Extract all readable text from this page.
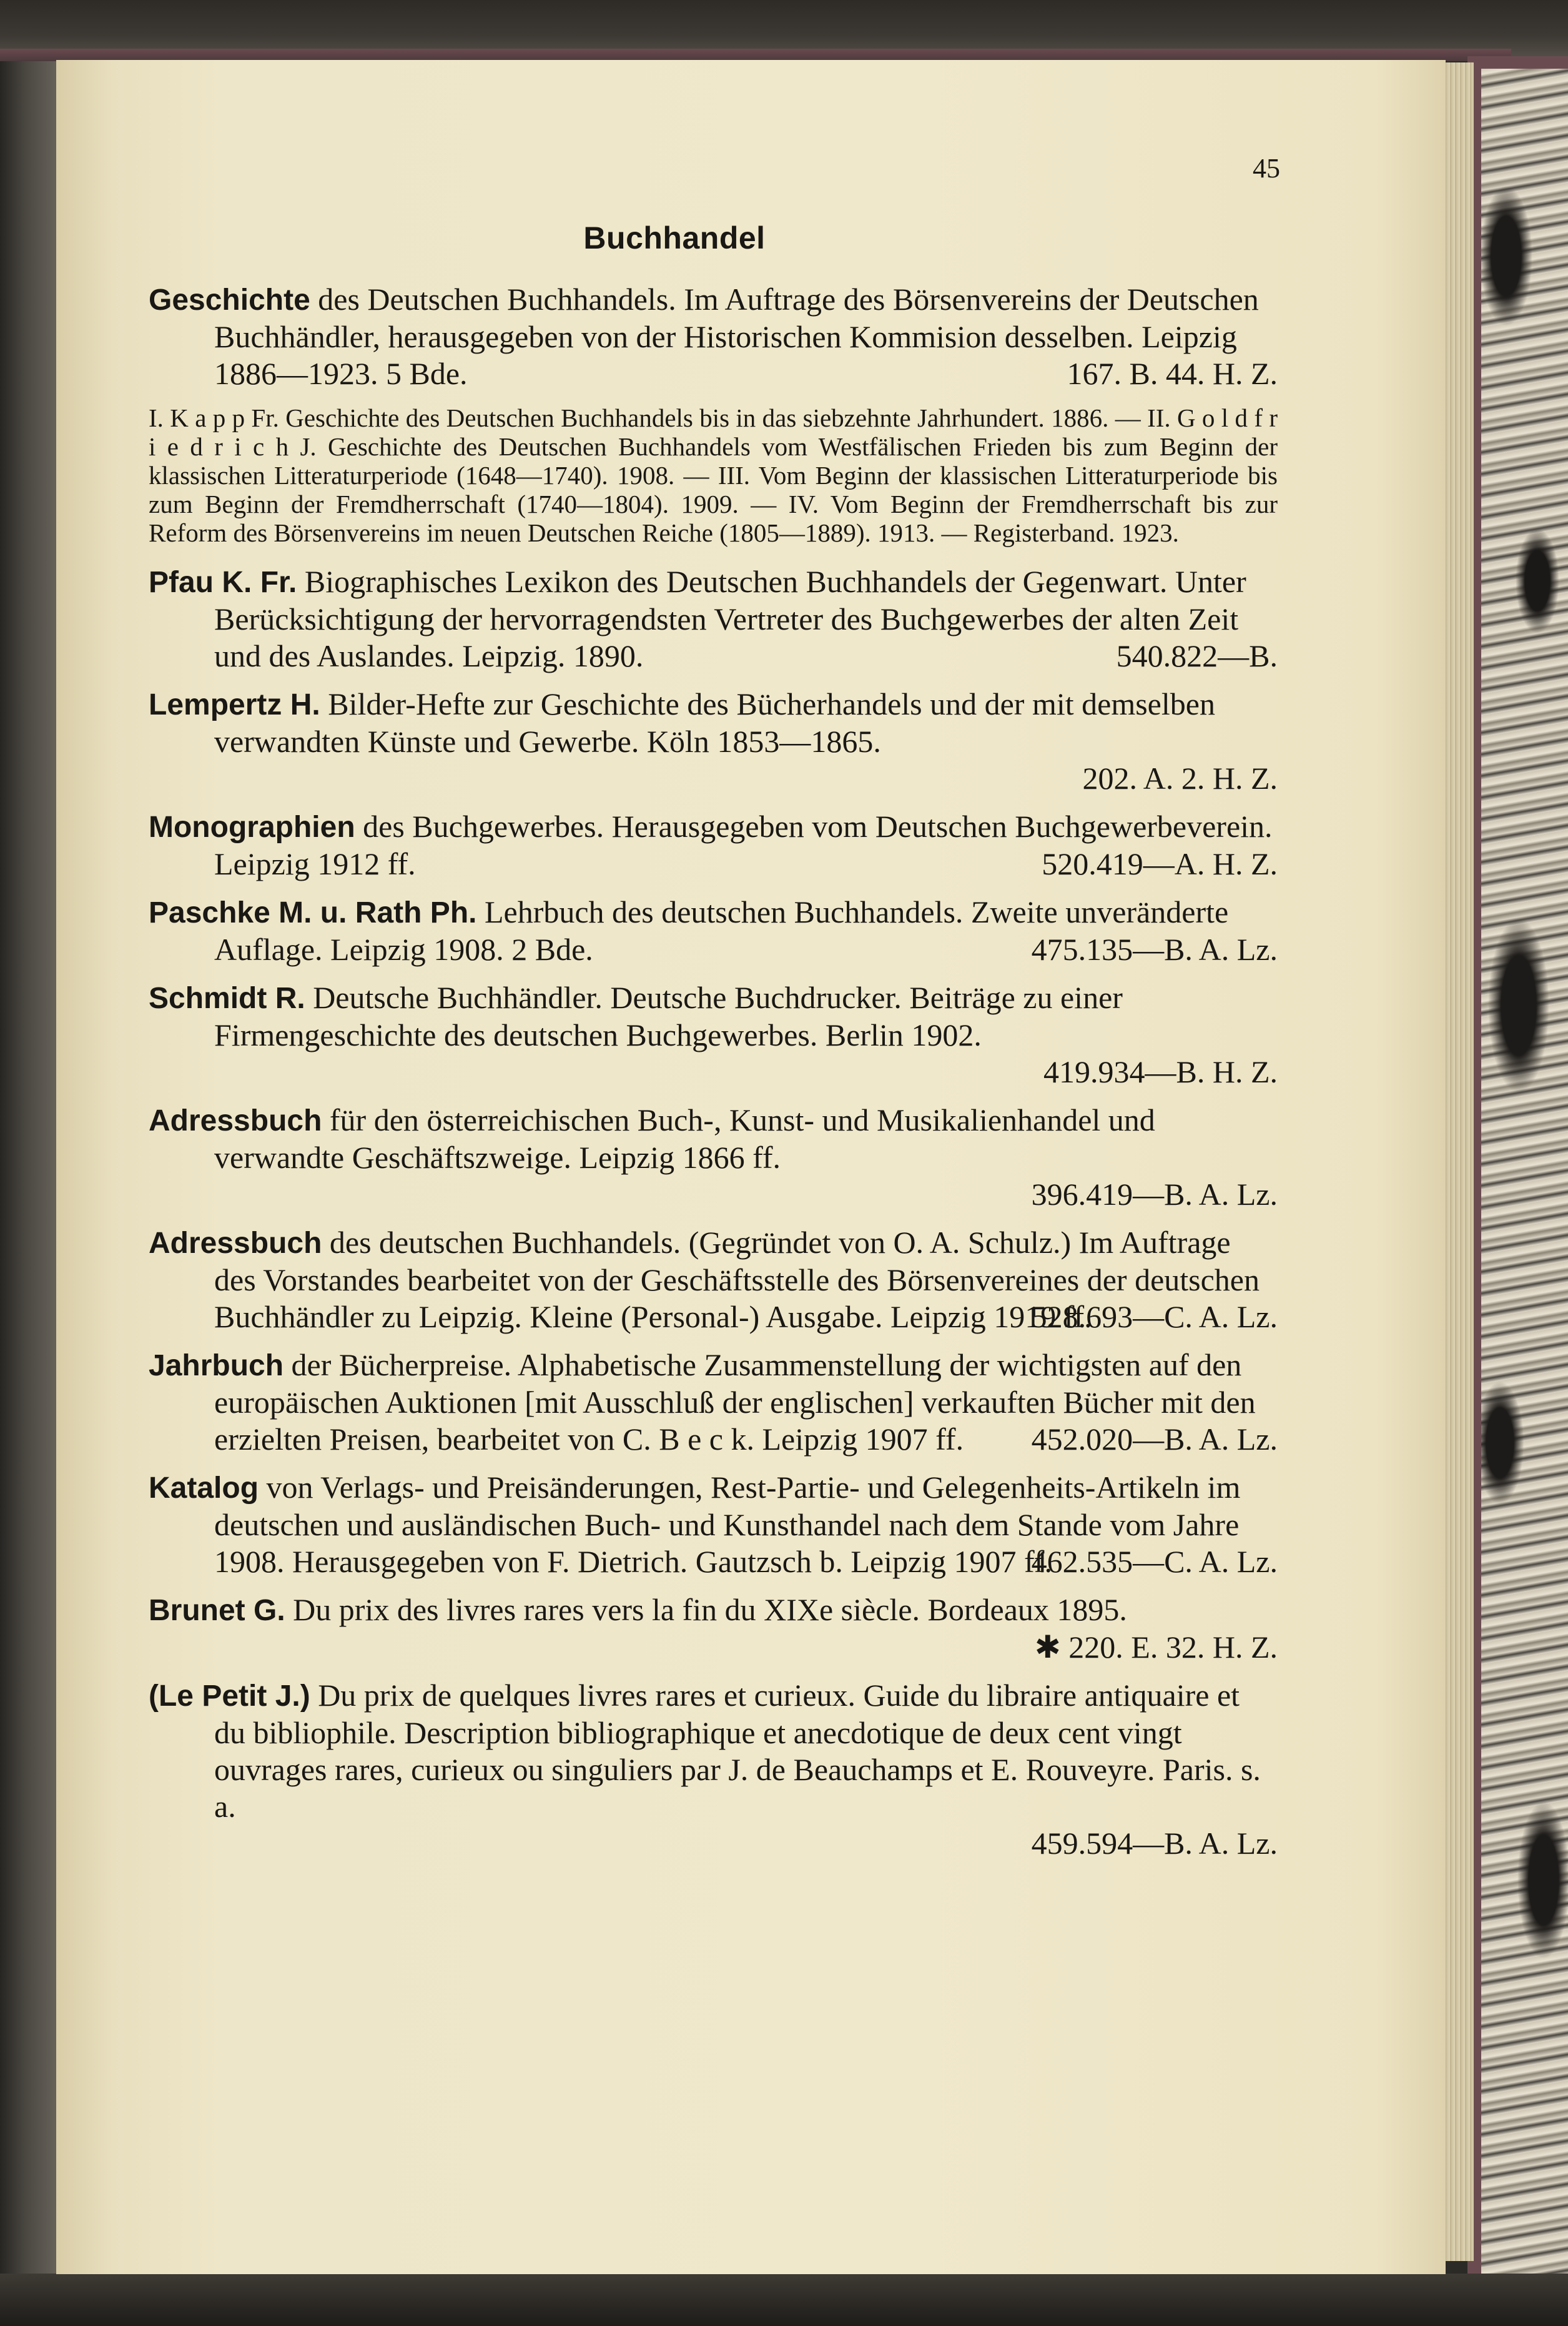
45
Buchhandel
Geschichte des Deutschen Buchhandels. Im Auftrage des Börsenvereins der Deutschen Buchhändler, herausgegeben von der Historischen Kommision desselben. Leipzig 1886—1923. 5 Bde.	167. B. 44. H. Z.
I. K a p p Fr. Geschichte des Deutschen Buchhandels bis in das siebzehnte Jahrhundert. 1886. — II. G o l d f r i e d r i c h J. Geschichte des Deutschen Buchhandels vom Westfälischen Frieden bis zum Beginn der klassischen Litteraturperiode (1648—1740). 1908. — III. Vom Beginn der klassischen Litteraturperiode bis zum Beginn der Fremdherrschaft (1740—1804). 1909. — IV. Vom Beginn der Fremdherrschaft bis zur Reform des Börsenvereins im neuen Deutschen Reiche (1805—1889). 1913. — Registerband. 1923.
Pfau K. Fr. Biographisches Lexikon des Deutschen Buchhandels der Gegenwart. Unter Berücksichtigung der hervorragendsten Vertreter des Buchgewerbes der alten Zeit und des Auslandes. Leipzig. 1890.	540.822—B.
Lempertz H. Bilder-Hefte zur Geschichte des Bücherhandels und der mit demselben verwandten Künste und Gewerbe. Köln 1853—1865.
202. A. 2. H. Z.
Monographien des Buchgewerbes. Herausgegeben vom Deutschen Buchgewerbeverein. Leipzig 1912 ff.	520.419—A. H. Z.
Paschke M. u. Rath Ph. Lehrbuch des deutschen Buchhandels. Zweite unveränderte Auflage. Leipzig 1908. 2 Bde.	475.135—B. A. Lz.
Schmidt R. Deutsche Buchhändler. Deutsche Buchdrucker. Beiträge zu einer Firmengeschichte des deutschen Buchgewerbes. Berlin 1902.
419.934—B. H. Z.
Adressbuch für den österreichischen Buch-, Kunst- und Musikalienhandel und verwandte Geschäftszweige. Leipzig 1866 ff.
396.419—B. A. Lz.
Adressbuch des deutschen Buchhandels. (Gegründet von O. A. Schulz.) Im Auftrage des Vorstandes bearbeitet von der Geschäftsstelle des Börsenvereines der deutschen Buchhändler zu Leipzig. Kleine (Personal-) Ausgabe. Leipzig 1919 ff.
528.693—C. A. Lz.
Jahrbuch der Bücherpreise. Alphabetische Zusammenstellung der wichtigsten auf den europäischen Auktionen [mit Ausschluß der englischen] verkauften Bücher mit den erzielten Preisen, bearbeitet von C. B e c k. Leipzig 1907 ff. 452.020—B. A. Lz.
Katalog von Verlags- und Preisänderungen, Rest-Partie- und Gelegenheits-Artikeln im deutschen und ausländischen Buch- und Kunsthandel nach dem Stande vom Jahre 1908. Herausgegeben von F. Dietrich. Gautzsch b. Leipzig 1907 ff.
462.535—C. A. Lz.
Brunet G. Du prix des livres rares vers la fin du XIXe siècle. Bordeaux 1895.
✱ 220. E. 32. H. Z.
(Le Petit J.) Du prix de quelques livres rares et curieux. Guide du libraire antiquaire et du bibliophile. Description bibliographique et anecdotique de deux cent vingt ouvrages rares, curieux ou singuliers par J. de Beauchamps et E. Rouveyre. Paris. s. a.
459.594—B. A. Lz.
